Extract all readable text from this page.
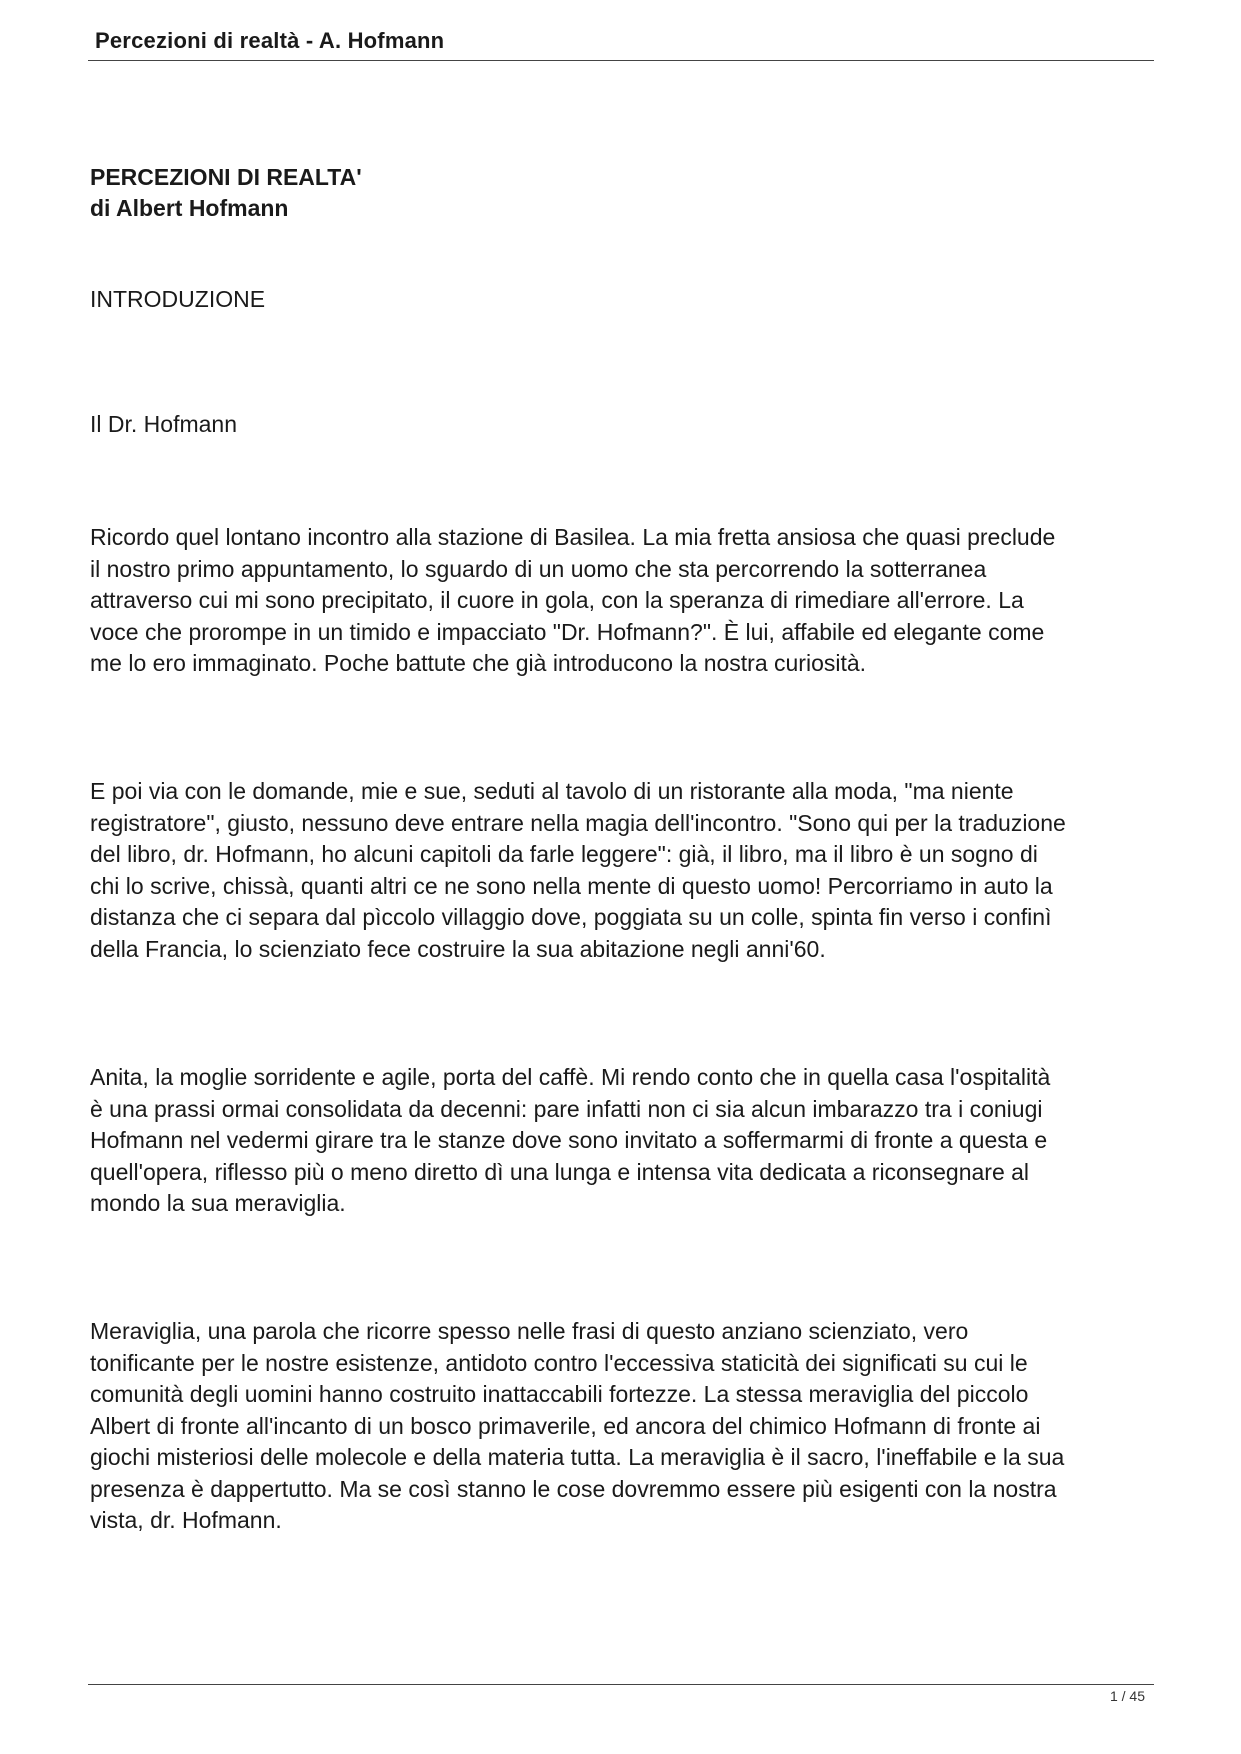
Percezioni di realtà - A. Hofmann
PERCEZIONI DI REALTA'
di Albert Hofmann
INTRODUZIONE
Il Dr. Hofmann

Ricordo quel lontano incontro alla stazione di Basilea. La mia fretta ansiosa che quasi preclude
il nostro primo appuntamento, lo sguardo di un uomo che sta percorrendo la sotterranea
attraverso cui mi sono precipitato, il cuore in gola, con la speranza di rimediare all'errore. La
voce che prorompe in un timido e impacciato "Dr. Hofmann?". È lui, affabile ed elegante come
me lo ero immaginato. Poche battute che già introducono la nostra curiosità.

E poi via con le domande, mie e sue, seduti al tavolo di un ristorante alla moda, "ma niente
registratore", giusto, nessuno deve entrare nella magia dell'incontro. "Sono qui per la traduzione
del libro, dr. Hofmann, ho alcuni capitoli da farle leggere": già, il libro, ma il libro è un sogno di
chi lo scrive, chissà, quanti altri ce ne sono nella mente di questo uomo! Percorriamo in auto la
distanza che ci separa dal pìccolo villaggio dove, poggiata su un colle, spinta fin verso i confinì
della Francia, lo scienziato fece costruire la sua abitazione negli anni'60.

Anita, la moglie sorridente e agile, porta del caffè. Mi rendo conto che in quella casa l'ospitalità
è una prassi ormai consolidata da decenni: pare infatti non ci sia alcun imbarazzo tra i coniugi
Hofmann nel vedermi girare tra le stanze dove sono invitato a soffermarmi di fronte a questa e
quell'opera, riflesso più o meno diretto dì una lunga e intensa vita dedicata a riconsegnare al
mondo la sua meraviglia.

Meraviglia, una parola che ricorre spesso nelle frasi di questo anziano scienziato, vero
tonificante per le nostre esistenze, antidoto contro l'eccessiva staticità dei significati su cui le
comunità degli uomini hanno costruito inattaccabili fortezze. La stessa meraviglia del piccolo
Albert di fronte all'incanto di un bosco primaverile, ed ancora del chimico Hofmann di fronte ai
giochi misteriosi delle molecole e della materia tutta. La meraviglia è il sacro, l'ineffabile e la sua
presenza è dappertutto. Ma se così stanno le cose dovremmo essere più esigenti con la nostra
vista, dr. Hofmann.

1 / 45
